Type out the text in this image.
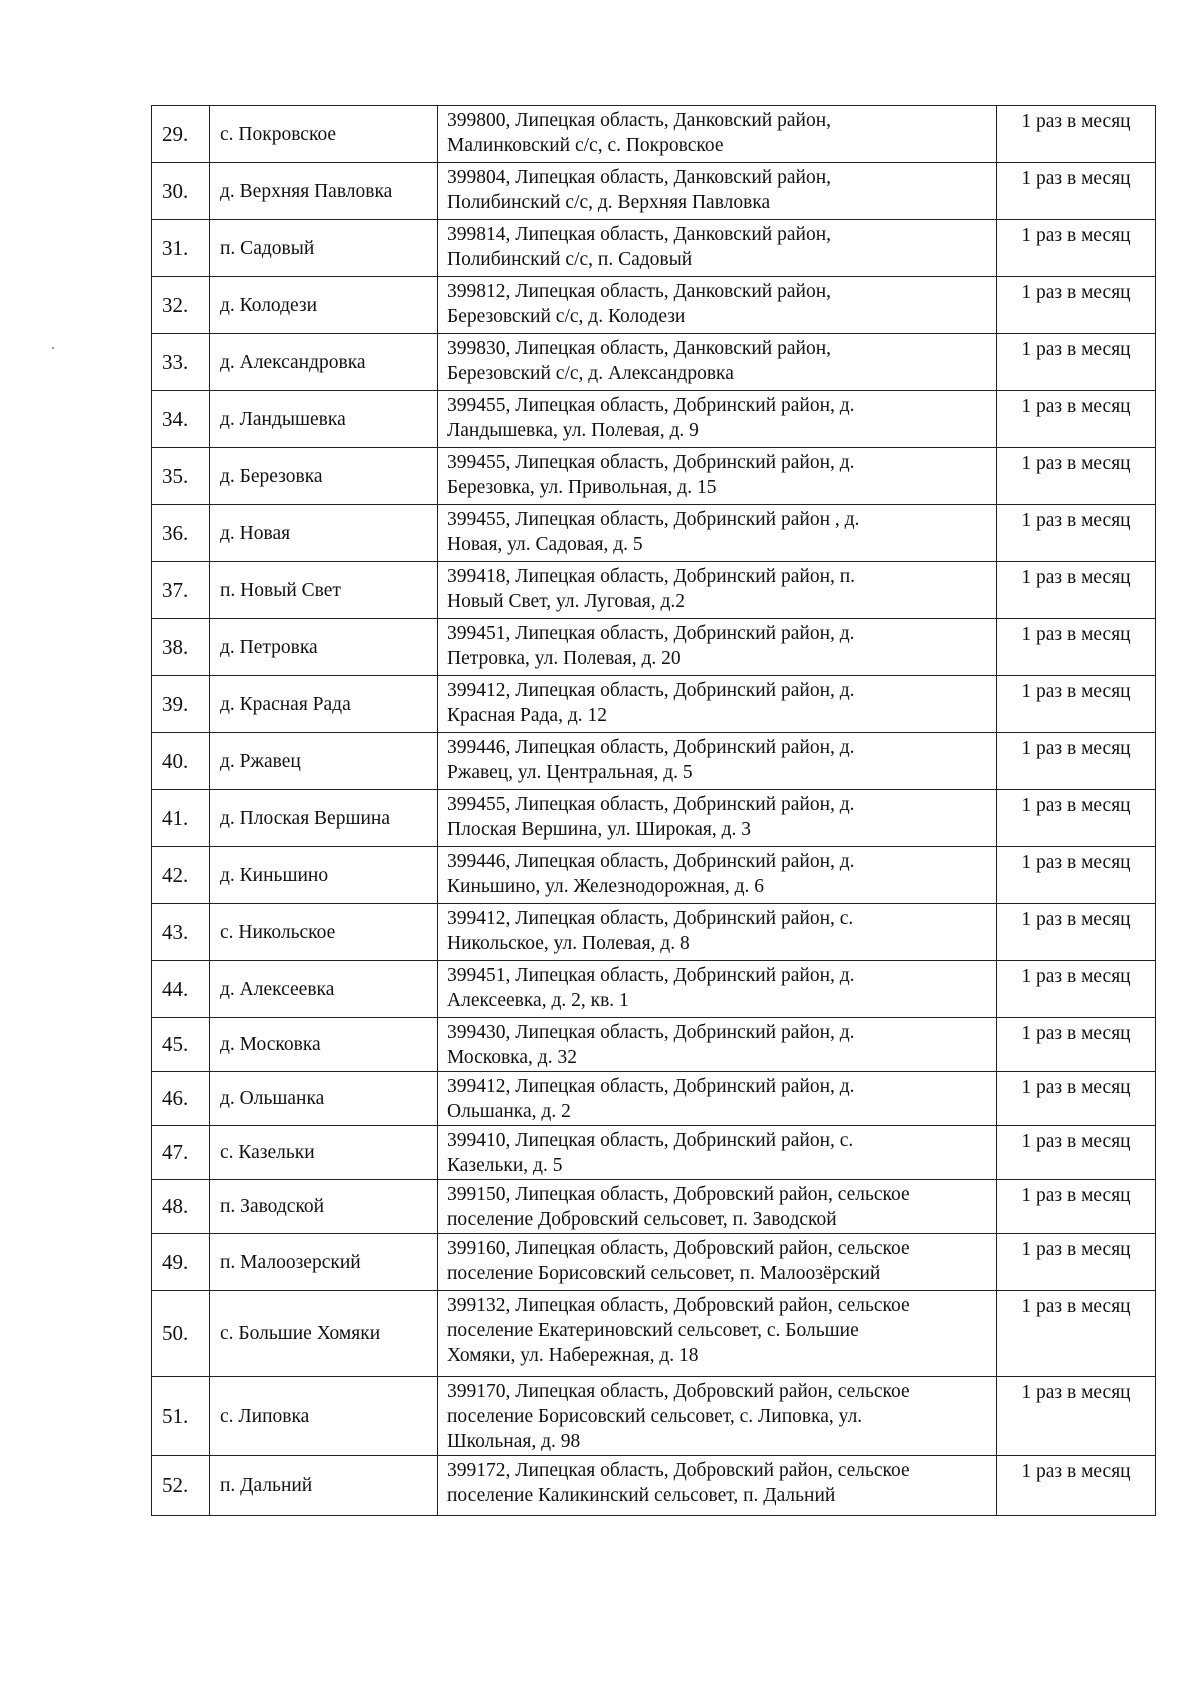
29.	с. Покровское	399800, Липецкая область, Данковский район,
Малинковский с/с, с. Покровское	1 раз в месяц
30.	д. Верхняя Павловка	399804, Липецкая область, Данковский район,
Полибинский с/с, д. Верхняя Павловка	1 раз в месяц
31.	п. Садовый	399814, Липецкая область, Данковский район,
Полибинский с/с, п. Садовый	1 раз в месяц
32.	д. Колодези	399812, Липецкая область, Данковский район,
Березовский с/с, д. Колодези	1 раз в месяц
33.	д. Александровка	399830, Липецкая область, Данковский район,
Березовский с/с, д. Александровка	1 раз в месяц
34.	д. Ландышевка	399455, Липецкая область, Добринский район, д.
Ландышевка, ул. Полевая, д. 9	1 раз в месяц
35.	д. Березовка	399455, Липецкая область, Добринский район, д.
Березовка, ул. Привольная, д. 15	1 раз в месяц
36.	д. Новая	399455, Липецкая область, Добринский район , д.
Новая, ул. Садовая, д. 5	1 раз в месяц
37.	п. Новый Свет	399418, Липецкая область, Добринский район, п.
Новый Свет, ул. Луговая, д.2	1 раз в месяц
38.	д. Петровка	399451, Липецкая область, Добринский район, д.
Петровка, ул. Полевая, д. 20	1 раз в месяц
39.	д. Красная Рада	399412, Липецкая область, Добринский район, д.
Красная Рада, д. 12	1 раз в месяц
40.	д. Ржавец	399446, Липецкая область, Добринский район, д.
Ржавец, ул. Центральная, д. 5	1 раз в месяц
41.	д. Плоская Вершина	399455, Липецкая область, Добринский район, д.
Плоская Вершина, ул. Широкая, д. 3	1 раз в месяц
42.	д. Киньшино	399446, Липецкая область, Добринский район, д.
Киньшино, ул. Железнодорожная, д. 6	1 раз в месяц
43.	с. Никольское	399412, Липецкая область, Добринский район, с.
Никольское, ул. Полевая, д. 8	1 раз в месяц
44.	д. Алексеевка	399451, Липецкая область, Добринский район, д.
Алексеевка, д. 2, кв. 1	1 раз в месяц
45.	д. Московка	399430, Липецкая область, Добринский район, д.
Московка, д. 32	1 раз в месяц
46.	д. Ольшанка	399412, Липецкая область, Добринский район, д.
Ольшанка, д. 2	1 раз в месяц
47.	с. Казельки	399410, Липецкая область, Добринский район, с.
Казельки, д. 5	1 раз в месяц
48.	п. Заводской	399150, Липецкая область, Добровский район, сельское
поселение Добровский сельсовет, п. Заводской	1 раз в месяц
49.	п. Малоозерский	399160, Липецкая область, Добровский район, сельское
поселение Борисовский сельсовет, п. Малоозёрский	1 раз в месяц
50.	с. Большие Хомяки	399132, Липецкая область, Добровский район, сельское
поселение Екатериновский сельсовет, с. Большие
Хомяки, ул. Набережная, д. 18	1 раз в месяц
51.	с. Липовка	399170, Липецкая область, Добровский район, сельское
поселение Борисовский сельсовет, с. Липовка, ул.
Школьная, д. 98	1 раз в месяц
52.	п. Дальний	399172, Липецкая область, Добровский район, сельское
поселение Каликинский сельсовет, п. Дальний	1 раз в месяц
